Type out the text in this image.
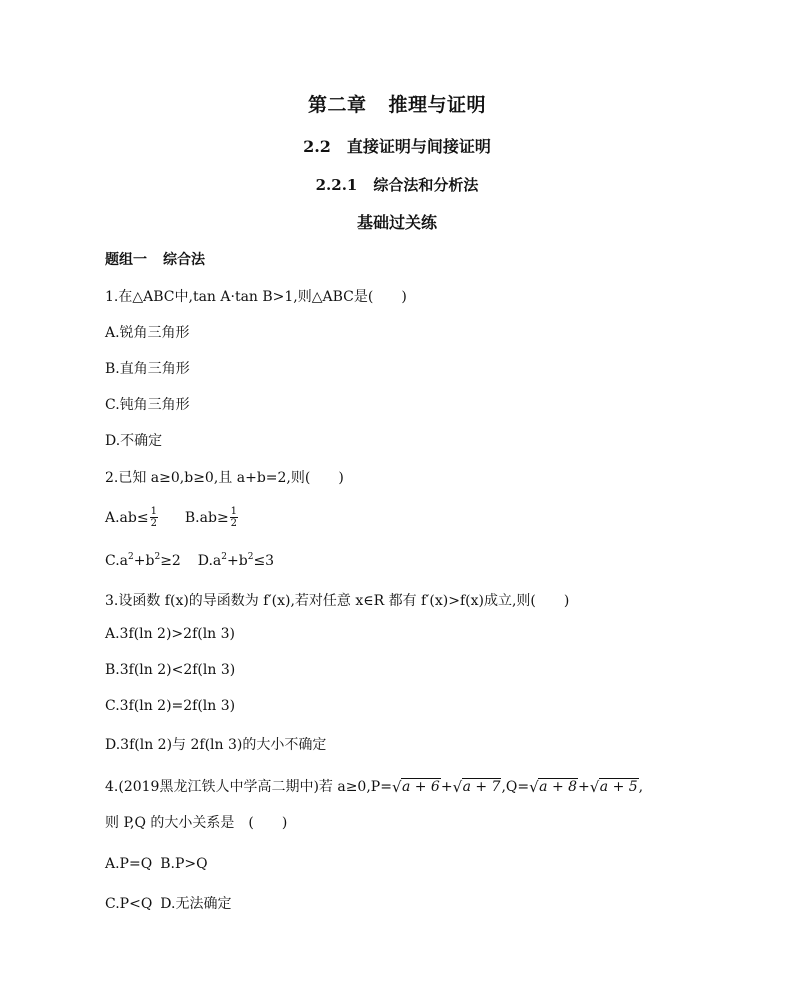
第二章 推理与证明
2.2 直接证明与间接证明
2.2.1 综合法和分析法
基础过关练
题组一 综合法
1.在△ABC中,tan A·tan B>1,则△ABC是(　　)
A.锐角三角形
B.直角三角形
C.钝角三角形
D.不确定
2.已知 a≥0,b≥0,且 a+b=2,则(　　)
$A.ab\le \frac{1}{2} B.ab\ge \frac{1}{2}$
$C.a^2+b^2\ge 2$ $D.a^2+b^2\le 3$
3.设函数 f(x)的导函数为 f′(x),若对任意 x∈R 都有 f′(x)>f(x)成立,则(　　)
A.3f(ln 2)>2f(ln 3)
B.3f(ln 2)<2f(ln 3)
C.3f(ln 2)=2f(ln 3)
D.3f(ln 2)与 2f(ln 3)的大小不确定
4.(2019黑龙江铁人中学高二期中)若 a≥0,P= √ a + 6+ √ a + 7,Q= √ a + 8+ √ a + 5,
则 P,Q 的大小关系是　(　　)
A.P=Q B.P>Q
C.P<Q D.无法确定
